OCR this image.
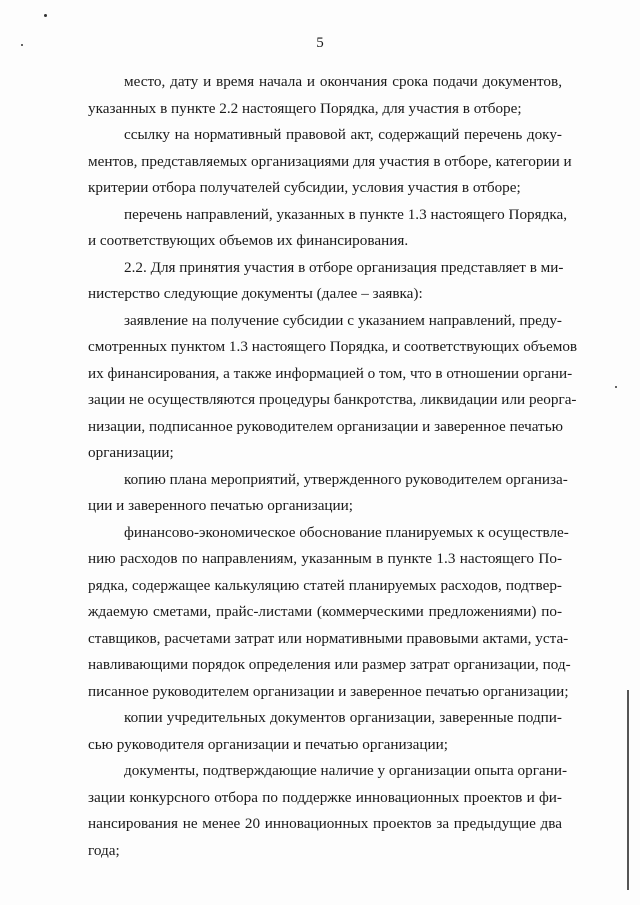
5

место, дату и время начала и окончания срока подачи документов,
указанных в пункте 2.2 настоящего Порядка, для участия в отборе;

ссылку на нормативный правовой акт, содержащий перечень доку-
ментов, представляемых организациями для участия в отборе, категории и
критерии отбора получателей субсидии, условия участия в отборе;

перечень направлений, указанных в пункте 1.3 настоящего Порядка,
и соответствующих объемов их финансирования.

2.2. Для принятия участия в отборе организация представляет в ми-
нистерство следующие документы (далее – заявка):

заявление на получение субсидии с указанием направлений, преду-
смотренных пунктом 1.3 настоящего Порядка, и соответствующих объемов
их финансирования, а также информацией о том, что в отношении органи-
зации не осуществляются процедуры банкротства, ликвидации или реорга-
низации, подписанное руководителем организации и заверенное печатью
организации;

копию плана мероприятий, утвержденного руководителем организа-
ции и заверенного печатью организации;

финансово-экономическое обоснование планируемых к осуществле-
нию расходов по направлениям, указанным в пункте 1.3 настоящего По-
рядка, содержащее калькуляцию статей планируемых расходов, подтвер-
ждаемую сметами, прайс-листами (коммерческими предложениями) по-
ставщиков, расчетами затрат или нормативными правовыми актами, уста-
навливающими порядок определения или размер затрат организации, под-
писанное руководителем организации и заверенное печатью организации;

копии учредительных документов организации, заверенные подпи-
сью руководителя организации и печатью организации;

документы, подтверждающие наличие у организации опыта органи-
зации конкурсного отбора по поддержке инновационных проектов и фи-
нансирования не менее 20 инновационных проектов за предыдущие два
года;
